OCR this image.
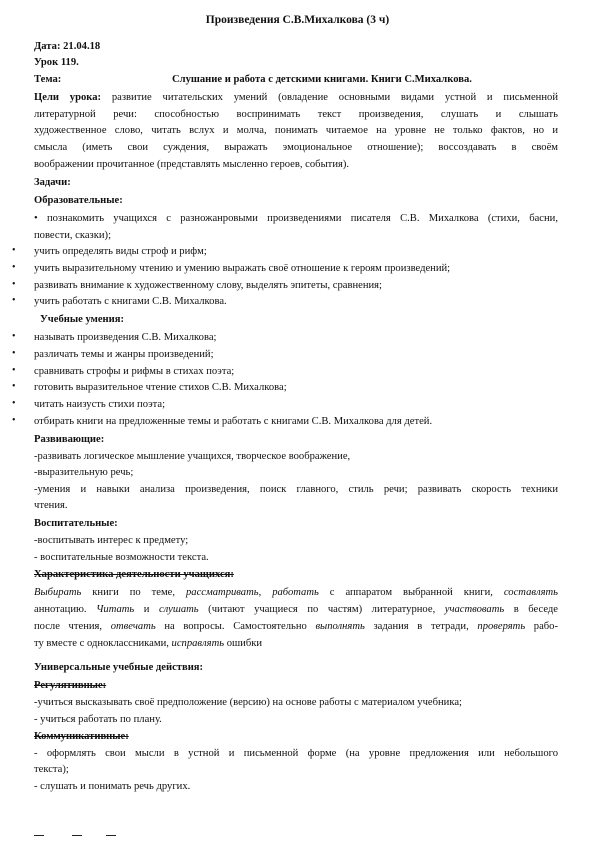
Произведения С.В.Михалкова (3 ч)
Дата: 21.04.18
Урок 119.
Тема:	Слушание и работа с детскими книгами. Книги С.Михалкова.
Цели урока: развитие читательских умений (овладение основными видами устной и письменной
литературной речи: способностью воспринимать текст произведения, слушать и слышать
художественное слово, читать вслух и молча, понимать читаемое на уровне не только фактов, но и
смысла (иметь свои суждения, выражать эмоциональное отношение); воссоздавать в своём
воображении прочитанное (представлять мысленно героев, события).
Задачи:
Образовательные:
• познакомить учащихся с разножанровыми произведениями писателя С.В. Михалкова (стихи, басни,
повести, сказки);
• учить определять виды строф и рифм;
• учить выразительному чтению и умению выражать своё отношение к героям произведений;
• развивать внимание к художественному слову, выделять эпитеты, сравнения;
• учить работать с книгами С.В. Михалкова.
Учебные умения:
• называть произведения С.В. Михалкова;
• различать темы и жанры произведений;
• сравнивать строфы и рифмы в стихах поэта;
• готовить выразительное чтение стихов С.В. Михалкова;
• читать наизусть стихи поэта;
• отбирать книги на предложенные темы и работать с книгами С.В. Михалкова для детей.
Развивающие:
-развивать логическое мышление учащихся, творческое воображение,
-выразительную речь;
-умения и навыки анализа произведения, поиск главного, стиль речи; развивать скорость техники
чтения.
Воспитательные:
-воспитывать интерес к предмету;
- воспитательные возможности текста.
Характеристика деятельности учащихся:
Выбирать книги по теме, рассматривать, работать с аппаратом выбранной книги, составлять
аннотацию. Читать и слушать (читают учащиеся по частям) литературное, участвовать в беседе
после чтения, отвечать на вопросы. Самостоятельно выполнять задания в тетради, проверять рабо-
ту вместе с одноклассниками, исправлять ошибки
Универсальные учебные действия:
Регулятивные:
-учиться высказывать своё предположение (версию) на основе работы с материалом учебника;
- учиться работать по плану.
Коммуникативные:
- оформлять свои мысли в устной и письменной форме (на уровне предложения или небольшого
текста);
- слушать и понимать речь других.
